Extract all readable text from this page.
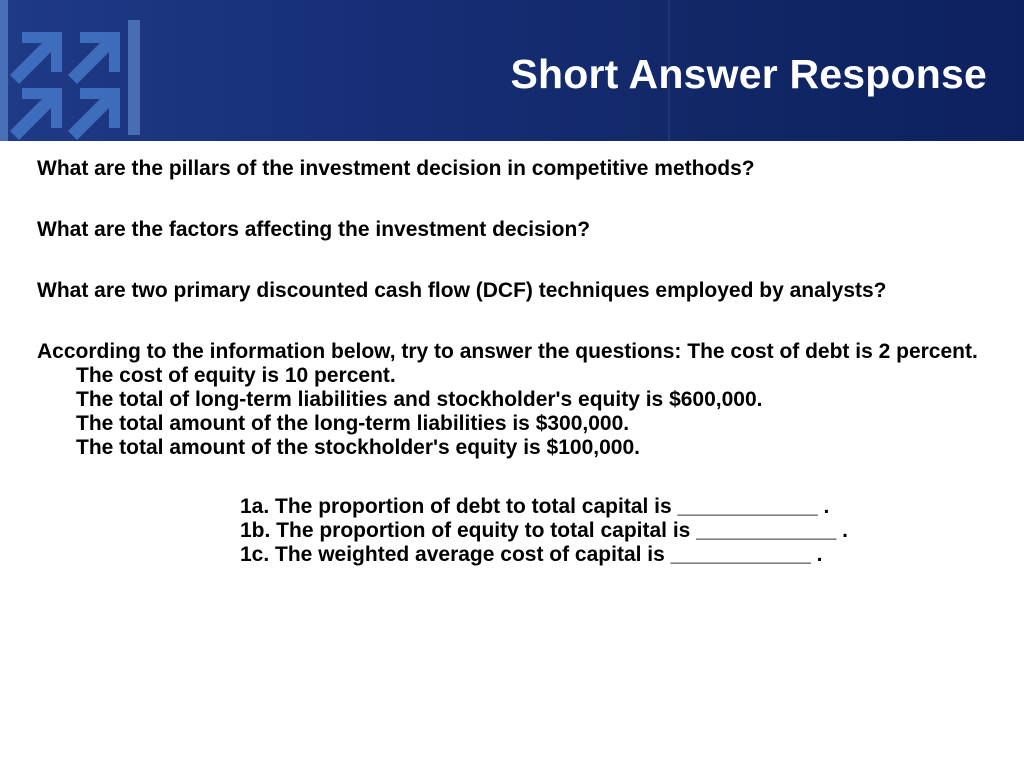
Short Answer Response

What are the pillars of the investment decision in competitive methods?

What are the factors affecting the investment decision?

What are two primary discounted cash flow (DCF) techniques employed by analysts?

According to the information below, try to answer the questions: The cost of debt is 2 percent.
The cost of equity is 10 percent.
The total of long-term liabilities and stockholder's equity is $600,000.
The total amount of the long-term liabilities is $300,000.
The total amount of the stockholder's equity is $100,000.

1a. The proportion of debt to total capital is ____________ .
1b. The proportion of equity to total capital is ____________ .
1c. The weighted average cost of capital is ____________ .
